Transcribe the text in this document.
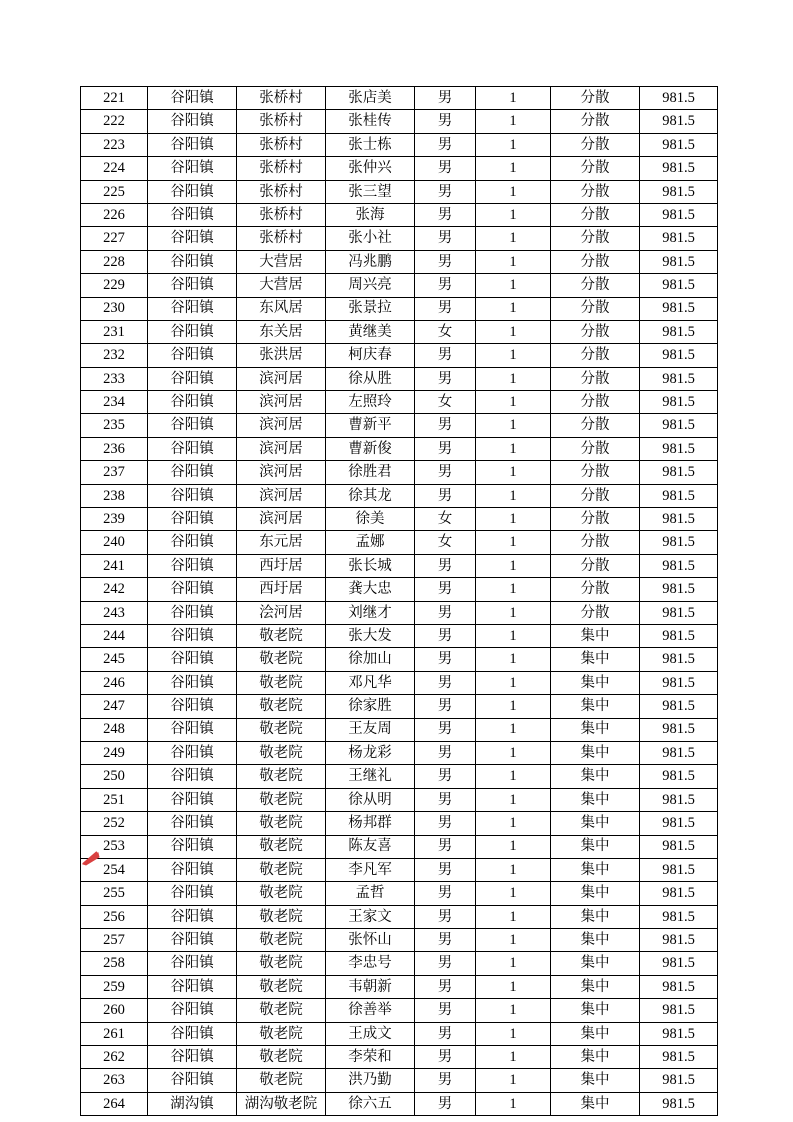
221	谷阳镇	张桥村	张店美	男	1	分散	981.5
222	谷阳镇	张桥村	张桂传	男	1	分散	981.5
223	谷阳镇	张桥村	张士栋	男	1	分散	981.5
224	谷阳镇	张桥村	张仲兴	男	1	分散	981.5
225	谷阳镇	张桥村	张三望	男	1	分散	981.5
226	谷阳镇	张桥村	张海	男	1	分散	981.5
227	谷阳镇	张桥村	张小社	男	1	分散	981.5
228	谷阳镇	大营居	冯兆鹏	男	1	分散	981.5
229	谷阳镇	大营居	周兴亮	男	1	分散	981.5
230	谷阳镇	东风居	张景拉	男	1	分散	981.5
231	谷阳镇	东关居	黄继美	女	1	分散	981.5
232	谷阳镇	张洪居	柯庆春	男	1	分散	981.5
233	谷阳镇	滨河居	徐从胜	男	1	分散	981.5
234	谷阳镇	滨河居	左照玲	女	1	分散	981.5
235	谷阳镇	滨河居	曹新平	男	1	分散	981.5
236	谷阳镇	滨河居	曹新俊	男	1	分散	981.5
237	谷阳镇	滨河居	徐胜君	男	1	分散	981.5
238	谷阳镇	滨河居	徐其龙	男	1	分散	981.5
239	谷阳镇	滨河居	徐美	女	1	分散	981.5
240	谷阳镇	东元居	孟娜	女	1	分散	981.5
241	谷阳镇	西圩居	张长城	男	1	分散	981.5
242	谷阳镇	西圩居	龚大忠	男	1	分散	981.5
243	谷阳镇	浍河居	刘继才	男	1	分散	981.5
244	谷阳镇	敬老院	张大发	男	1	集中	981.5
245	谷阳镇	敬老院	徐加山	男	1	集中	981.5
246	谷阳镇	敬老院	邓凡华	男	1	集中	981.5
247	谷阳镇	敬老院	徐家胜	男	1	集中	981.5
248	谷阳镇	敬老院	王友周	男	1	集中	981.5
249	谷阳镇	敬老院	杨龙彩	男	1	集中	981.5
250	谷阳镇	敬老院	王继礼	男	1	集中	981.5
251	谷阳镇	敬老院	徐从明	男	1	集中	981.5
252	谷阳镇	敬老院	杨邦群	男	1	集中	981.5
253	谷阳镇	敬老院	陈友喜	男	1	集中	981.5
254	谷阳镇	敬老院	李凡军	男	1	集中	981.5
255	谷阳镇	敬老院	孟哲	男	1	集中	981.5
256	谷阳镇	敬老院	王家文	男	1	集中	981.5
257	谷阳镇	敬老院	张怀山	男	1	集中	981.5
258	谷阳镇	敬老院	李忠号	男	1	集中	981.5
259	谷阳镇	敬老院	韦朝新	男	1	集中	981.5
260	谷阳镇	敬老院	徐善举	男	1	集中	981.5
261	谷阳镇	敬老院	王成文	男	1	集中	981.5
262	谷阳镇	敬老院	李荣和	男	1	集中	981.5
263	谷阳镇	敬老院	洪乃勤	男	1	集中	981.5
264	湖沟镇	湖沟敬老院	徐六五	男	1	集中	981.5
